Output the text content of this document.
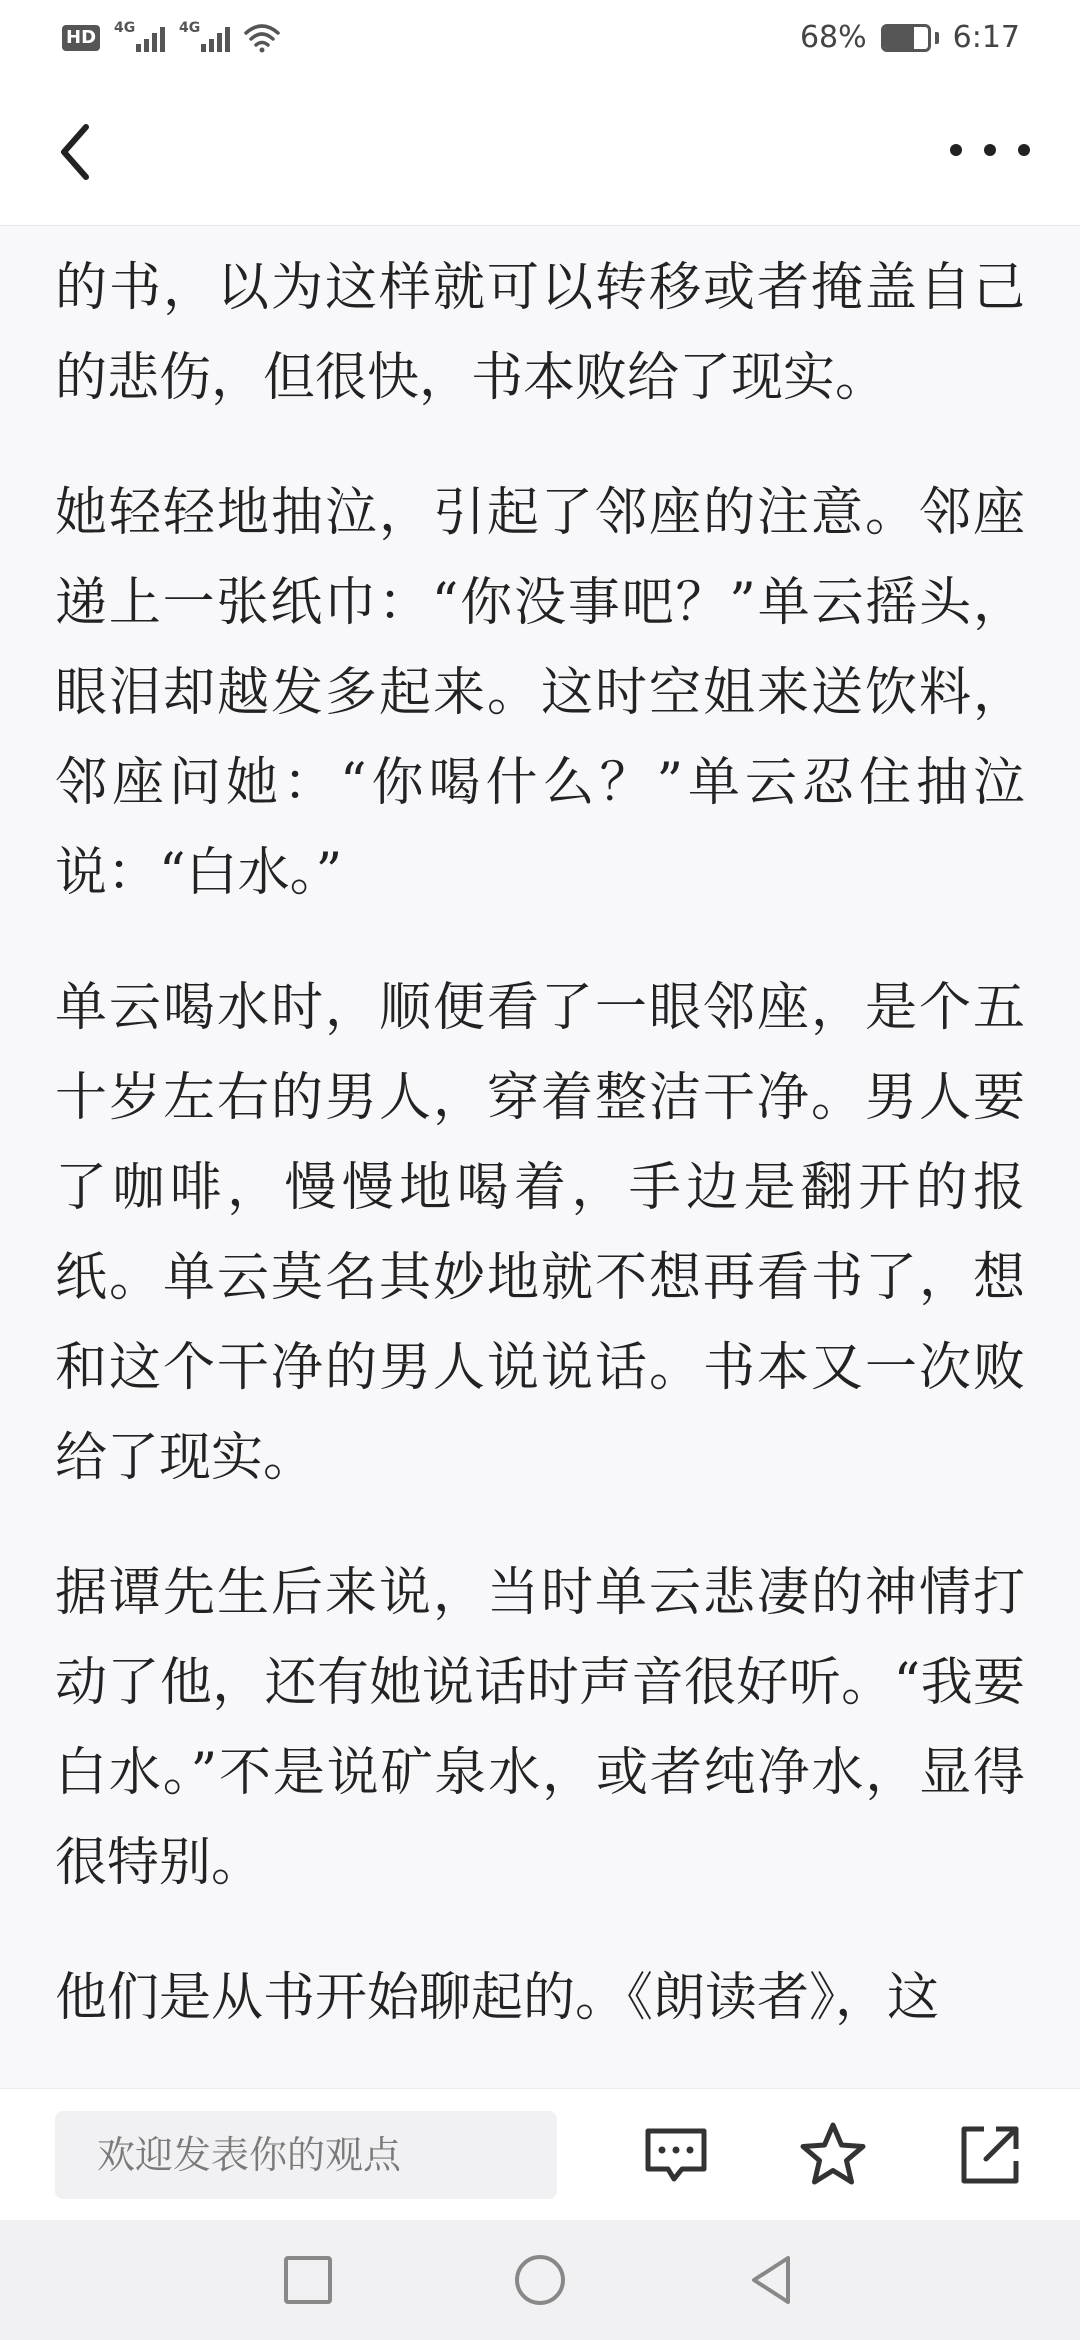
HD 4G	4G	68%	6:17

的书，以为这样就可以转移或者掩盖自己的悲伤，但很快，书本败给了现实。

她轻轻地抽泣，引起了邻座的注意。邻座递上一张纸巾：“你没事吧？”单云摇头，眼泪却越发多起来。这时空姐来送饮料，邻座问她：“你喝什么？”单云忍住抽泣说：“白水。”

单云喝水时，顺便看了一眼邻座，是个五十岁左右的男人，穿着整洁干净。男人要了咖啡，慢慢地喝着，手边是翻开的报纸。单云莫名其妙地就不想再看书了，想和这个干净的男人说说话。书本又一次败给了现实。

据谭先生后来说，当时单云悲凄的神情打动了他，还有她说话时声音很好听。“我要白水。”不是说矿泉水，或者纯净水，显得很特别。

他们是从书开始聊起的。《朗读者》，这

欢迎发表你的观点
